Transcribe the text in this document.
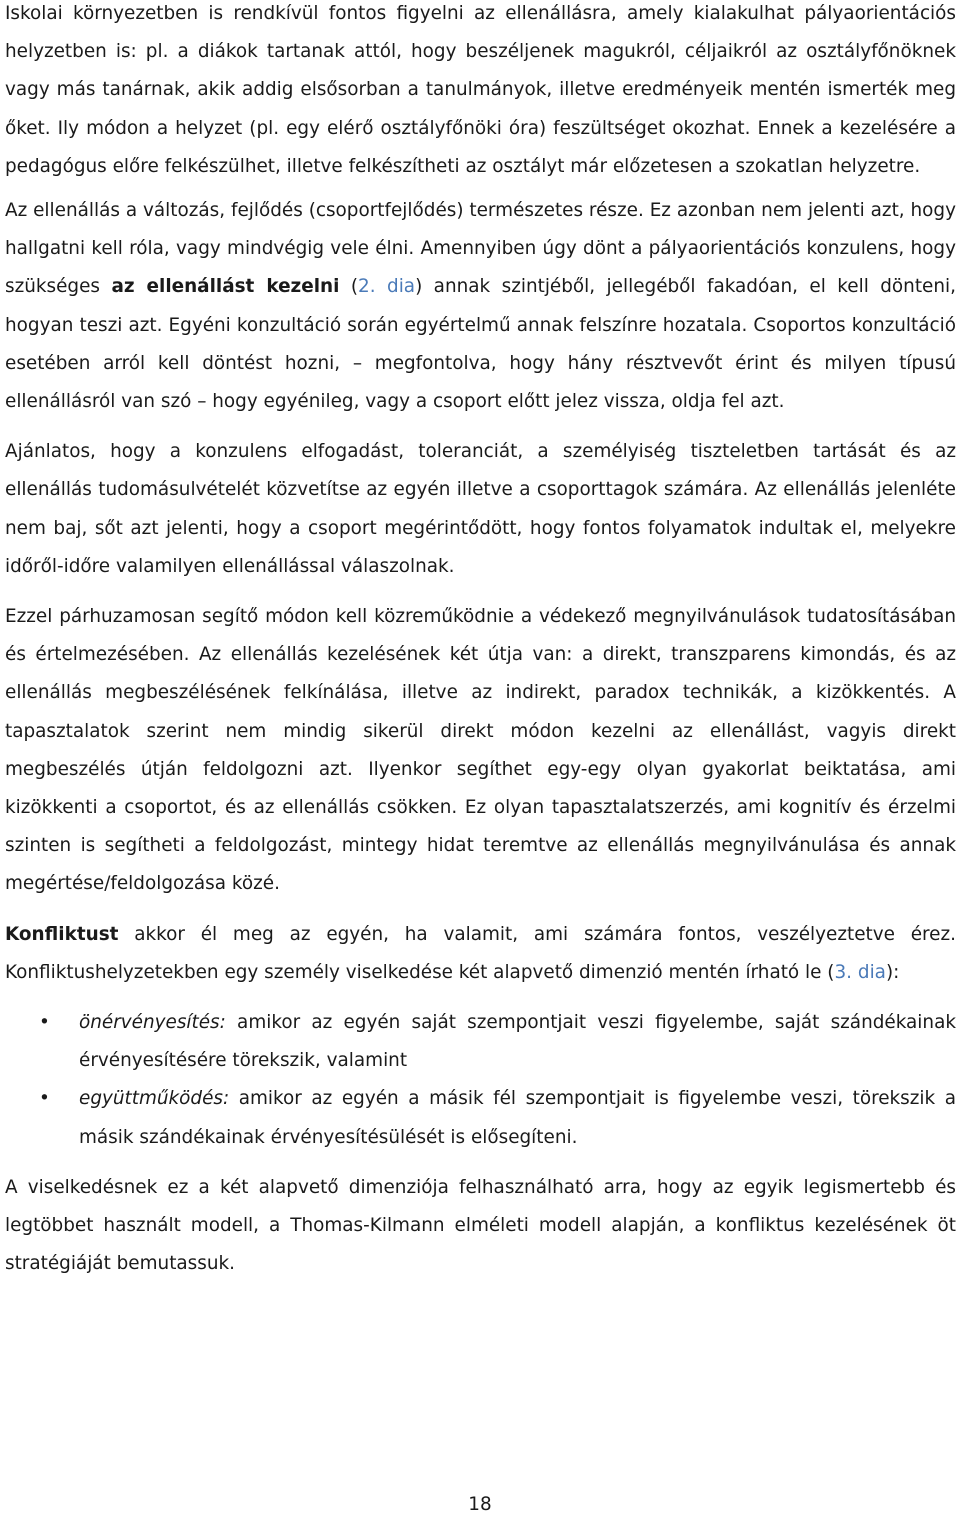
Iskolai környezetben is rendkívül fontos figyelni az ellenállásra, amely kialakulhat pályaorientációs helyzetben is: pl. a diákok tartanak attól, hogy beszéljenek magukról, céljaikról az osztályfőnöknek vagy más tanárnak, akik addig elsősorban a tanulmányok, illetve eredményeik mentén ismerték meg őket. Ily módon a helyzet (pl. egy elérő osztályfőnöki óra) feszültséget okozhat. Ennek a kezelésére a pedagógus előre felkészülhet, illetve felkészítheti az osztályt már előzetesen a szokatlan helyzetre.

Az ellenállás a változás, fejlődés (csoportfejlődés) természetes része. Ez azonban nem jelenti azt, hogy hallgatni kell róla, vagy mindvégig vele élni. Amennyiben úgy dönt a pályaorientációs konzulens, hogy szükséges az ellenállást kezelni (2. dia) annak szintjéből, jellegéből fakadóan, el kell dönteni, hogyan teszi azt. Egyéni konzultáció során egyértelmű annak felszínre hozatala. Csoportos konzultáció esetében arról kell döntést hozni, – megfontolva, hogy hány résztvevőt érint és milyen típusú ellenállásról van szó – hogy egyénileg, vagy a csoport előtt jelez vissza, oldja fel azt.

Ajánlatos, hogy a konzulens elfogadást, toleranciát, a személyiség tiszteletben tartását és az ellenállás tudomásulvételét közvetítse az egyén illetve a csoporttagok számára. Az ellenállás jelenléte nem baj, sőt azt jelenti, hogy a csoport megérintődött, hogy fontos folyamatok indultak el, melyekre időről-időre valamilyen ellenállással válaszolnak.

Ezzel párhuzamosan segítő módon kell közreműködnie a védekező megnyilvánulások tudatosításában és értelmezésében. Az ellenállás kezelésének két útja van: a direkt, transzparens kimondás, és az ellenállás megbeszélésének felkínálása, illetve az indirekt, paradox technikák, a kizökkentés. A tapasztalatok szerint nem mindig sikerül direkt módon kezelni az ellenállást, vagyis direkt megbeszélés útján feldolgozni azt. Ilyenkor segíthet egy-egy olyan gyakorlat beiktatása, ami kizökkenti a csoportot, és az ellenállás csökken. Ez olyan tapasztalatszerzés, ami kognitív és érzelmi szinten is segítheti a feldolgozást, mintegy hidat teremtve az ellenállás megnyilvánulása és annak megértése/feldolgozása közé.

Konfliktust akkor él meg az egyén, ha valamit, ami számára fontos, veszélyeztetve érez. Konfliktushelyzetekben egy személy viselkedése két alapvető dimenzió mentén írható le (3. dia):

• önérvényesítés: amikor az egyén saját szempontjait veszi figyelembe, saját szándékainak érvényesítésére törekszik, valamint
• együttműködés: amikor az egyén a másik fél szempontjait is figyelembe veszi, törekszik a másik szándékainak érvényesítésülését is elősegíteni.

A viselkedésnek ez a két alapvető dimenziója felhasználható arra, hogy az egyik legismertebb és legtöbbet használt modell, a Thomas-Kilmann elméleti modell alapján, a konfliktus kezelésének öt stratégiáját bemutassuk.

18
